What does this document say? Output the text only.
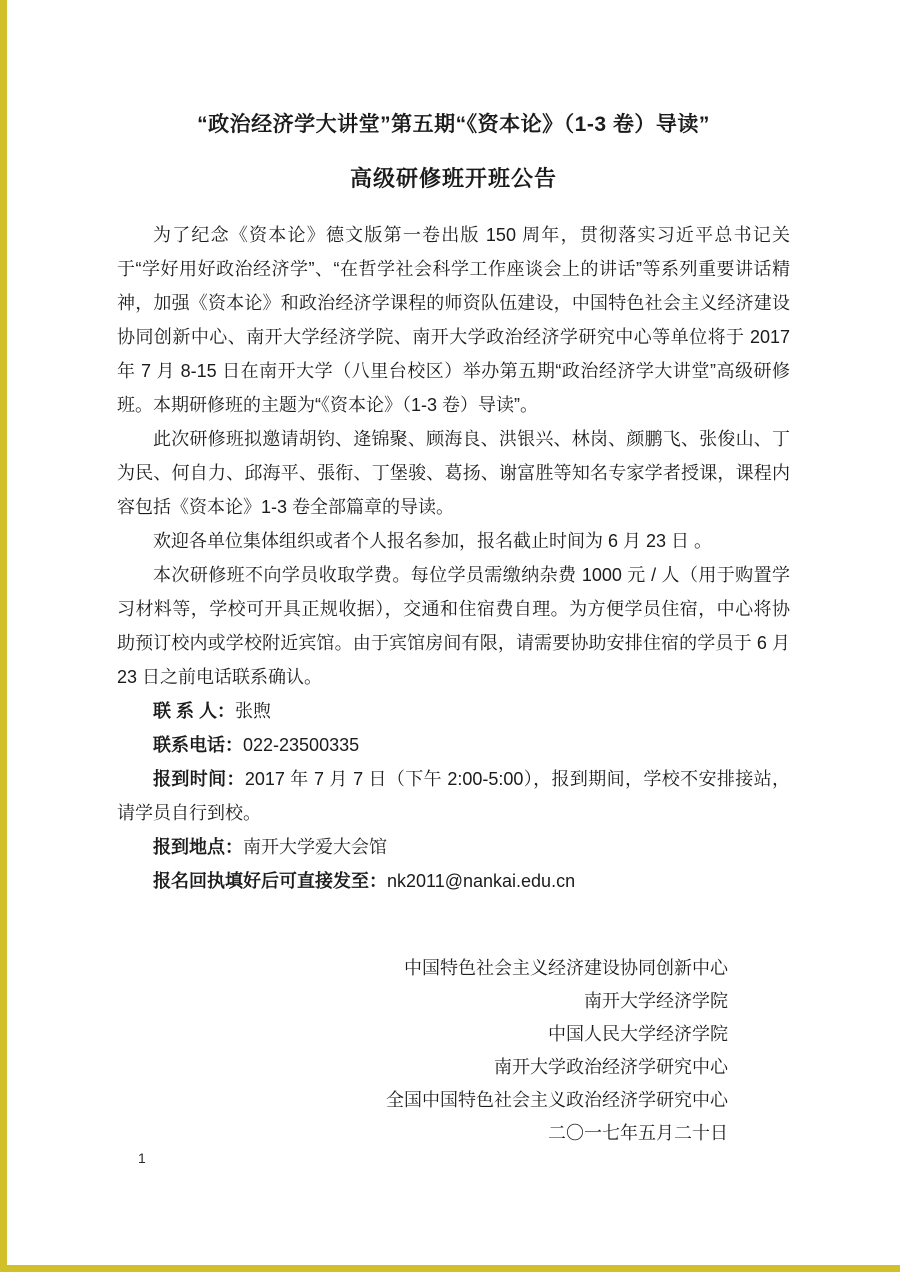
“政治经济学大讲堂”第五期“《资本论》（1-3 卷）导读”

高级研修班开班公告

为了纪念《资本论》德文版第一卷出版 150 周年，贯彻落实习近平总书记关于“学好用好政治经济学”、“在哲学社会科学工作座谈会上的讲话”等系列重要讲话精神，加强《资本论》和政治经济学课程的师资队伍建设，中国特色社会主义经济建设协同创新中心、南开大学经济学院、南开大学政治经济学研究中心等单位将于 2017 年 7 月 8-15 日在南开大学（八里台校区）举办第五期“政治经济学大讲堂”高级研修班。本期研修班的主题为“《资本论》（1-3 卷）导读”。

此次研修班拟邀请胡钧、逄锦聚、顾海良、洪银兴、林岗、颜鹏飞、张俊山、丁为民、何自力、邱海平、張衔、丁堡骏、葛扬、谢富胜等知名专家学者授课，课程内容包括《资本论》1-3 卷全部篇章的导读。

欢迎各单位集体组织或者个人报名参加，报名截止时间为 6 月 23 日 。

本次研修班不向学员收取学费。每位学员需缴纳杂费 1000 元 / 人（用于购置学习材料等，学校可开具正规收据），交通和住宿费自理。为方便学员住宿，中心将协助预订校内或学校附近宾馆。由于宾馆房间有限，请需要协助安排住宿的学员于 6 月 23 日之前电话联系确认。

联 系 人：张煦

联系电话：022-23500335

报到时间：2017 年 7 月 7 日（下午 2:00-5:00），报到期间，学校不安排接站，请学员自行到校。

报到地点：南开大学爱大会馆

报名回执填好后可直接发至：nk2011@nankai.edu.cn

中国特色社会主义经济建设协同创新中心

南开大学经济学院

中国人民大学经济学院

南开大学政治经济学研究中心

全国中国特色社会主义政治经济学研究中心

二〇一七年五月二十日

1
